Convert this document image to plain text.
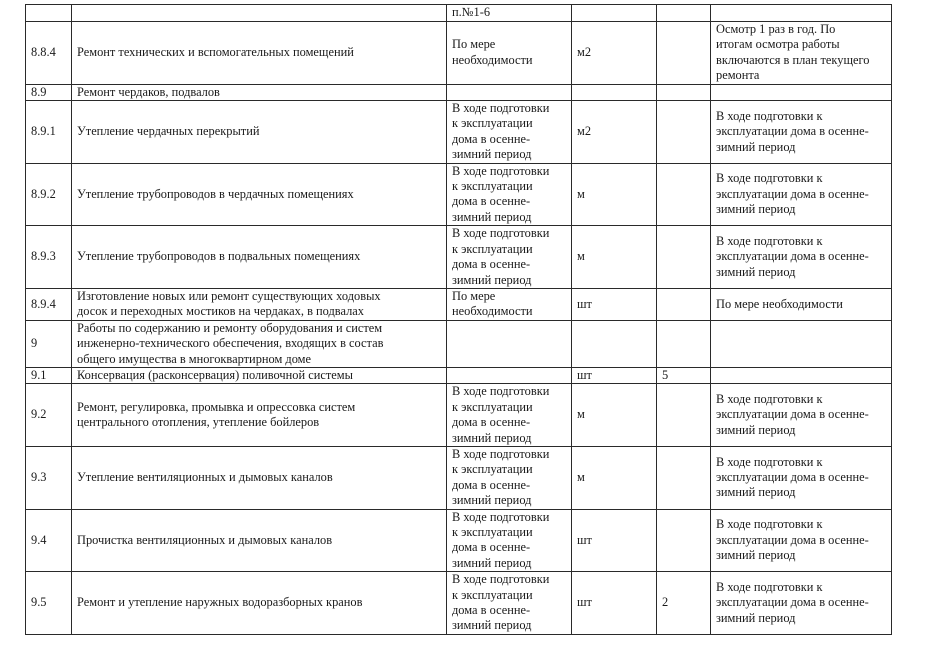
		п.№1-6			

8.8.4	Ремонт технических и вспомогательных помещений	По мере
необходимости	м2		Осмотр 1 раз в год. По
итогам осмотра работы
включаются в план текущего
ремонта

8.9	Ремонт чердаков, подвалов				

8.9.1	Утепление чердачных перекрытий	В ходе подготовки
к эксплуатации
дома в осенне-
зимний период	м2		В ходе подготовки к
эксплуатации дома в осенне-
зимний период

8.9.2	Утепление трубопроводов в чердачных помещениях	В ходе подготовки
к эксплуатации
дома в осенне-
зимний период	м		В ходе подготовки к
эксплуатации дома в осенне-
зимний период

8.9.3	Утепление трубопроводов в подвальных помещениях	В ходе подготовки
к эксплуатации
дома в осенне-
зимний период	м		В ходе подготовки к
эксплуатации дома в осенне-
зимний период

8.9.4	Изготовление новых или ремонт существующих ходовых
досок и переходных мостиков на чердаках, в подвалах	По мере
необходимости	шт		По мере необходимости

9	Работы по содержанию и ремонту оборудования и систем
инженерно-технического обеспечения, входящих в состав
общего имущества в многоквартирном доме				

9.1	Консервация (расконсервация) поливочной системы		шт	5	
9.2	Ремонт, регулировка, промывка и опрессовка систем
центрального отопления, утепление бойлеров	В ходе подготовки
к эксплуатации
дома в осенне-
зимний период	м		В ходе подготовки к
эксплуатации дома в осенне-
зимний период

9.3	Утепление вентиляционных и дымовых каналов	В ходе подготовки
к эксплуатации
дома в осенне-
зимний период	м		В ходе подготовки к
эксплуатации дома в осенне-
зимний период

9.4	Прочистка вентиляционных и дымовых каналов	В ходе подготовки
к эксплуатации
дома в осенне-
зимний период	шт		В ходе подготовки к
эксплуатации дома в осенне-
зимний период

9.5	Ремонт и утепление наружных водоразборных кранов	В ходе подготовки
к эксплуатации
дома в осенне-
зимний период	шт	2	В ходе подготовки к
эксплуатации дома в осенне-
зимний период
